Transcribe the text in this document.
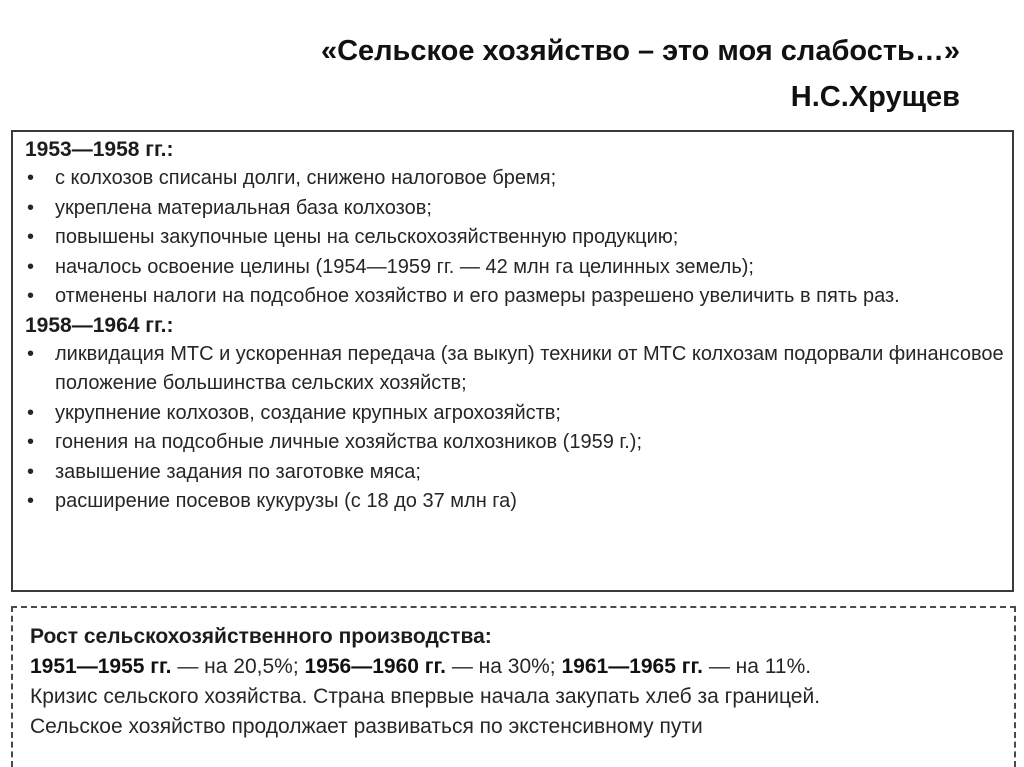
«Сельское хозяйство – это моя слабость…»
Н.С.Хрущев

1953—1958 гг.:

• с колхозов списаны долги, снижено налоговое бремя;
• укреплена материальная база колхозов;
• повышены закупочные цены на сельскохозяйственную продукцию;
• началось освоение целины (1954—1959 гг. — 42 млн га целинных земель);
• отменены налоги на подсобное хозяйство и его размеры разрешено увеличить в пять раз.

1958—1964 гг.:

• ликвидация МТС и ускоренная передача (за выкуп) техники от МТС колхозам подорвали финансовое положение большинства сельских хозяйств;
• укрупнение колхозов, создание крупных агрохозяйств;
• гонения на подсобные личные хозяйства колхозников (1959 г.);
• завышение задания по заготовке мяса;
• расширение посевов кукурузы (с 18 до 37 млн га)
Рост сельскохозяйственного производства:
1951—1955 гг. — на 20,5%; 1956—1960 гг. — на 30%; 1961—1965 гг. — на 11%.
Кризис сельского хозяйства. Страна впервые начала закупать хлеб за границей.
Сельское хозяйство продолжает развиваться по экстенсивному пути
